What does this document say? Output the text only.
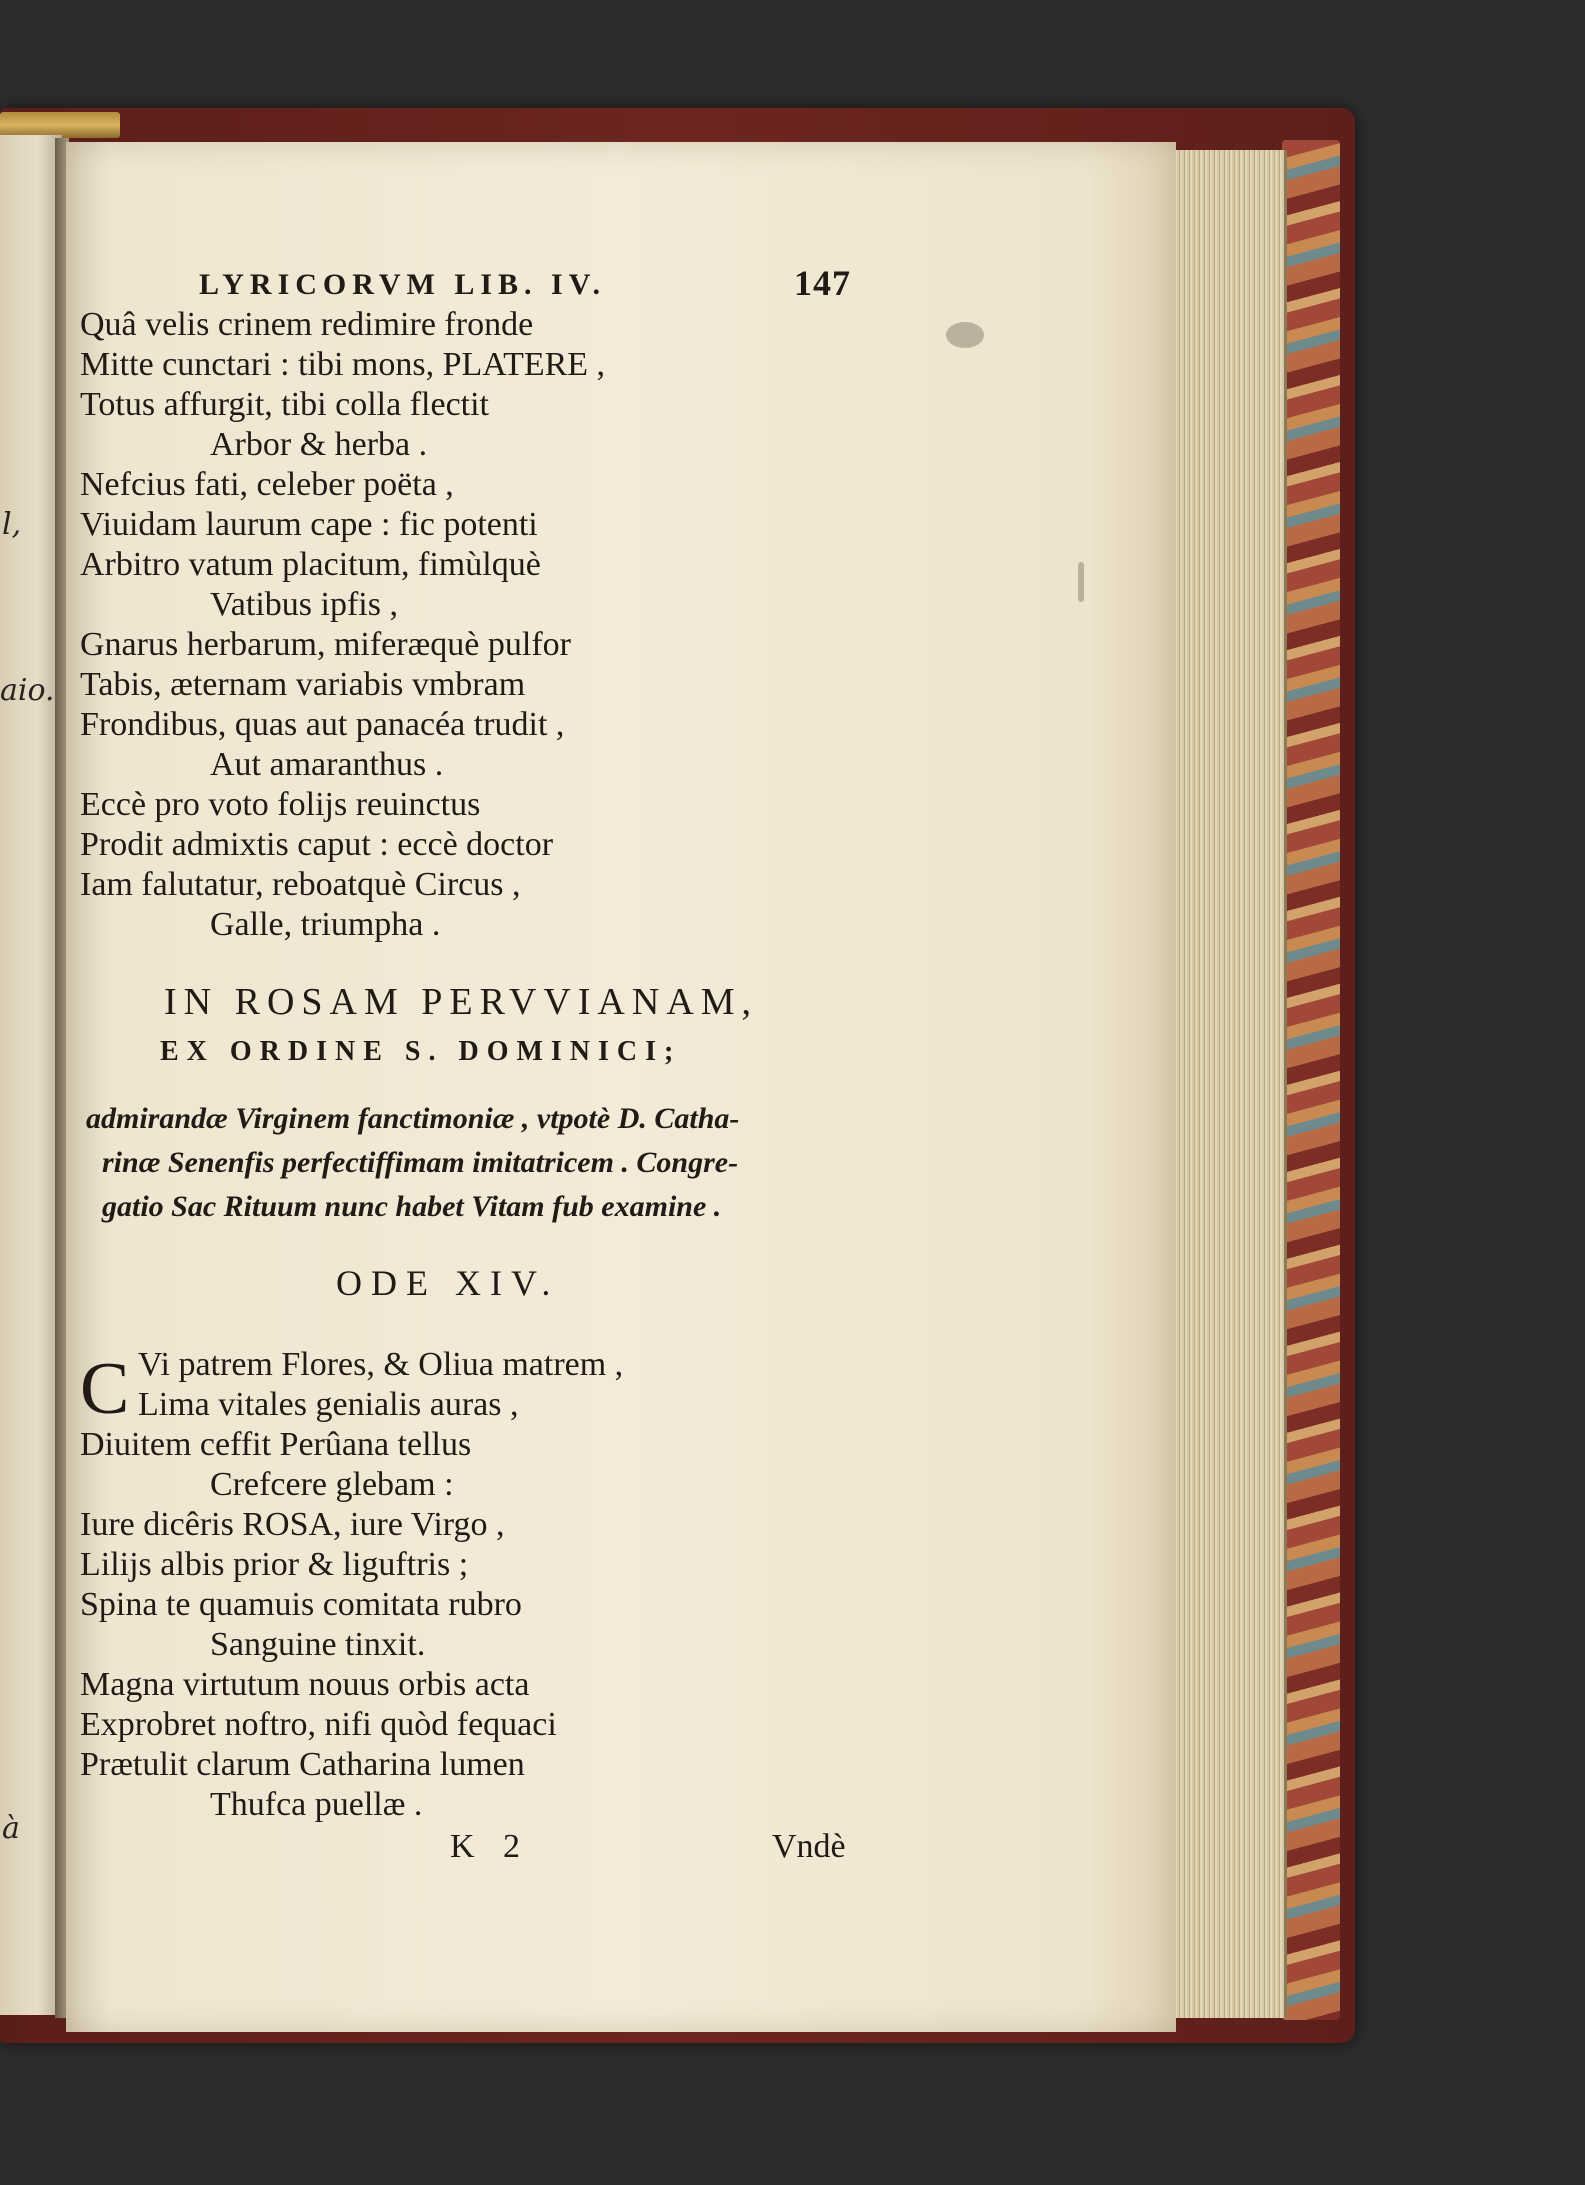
l,
aio.
à
LYRICORVM LIB. IV.	147
Quâ velis crinem redimire fronde
Mitte cunctari : tibi mons, PLATERE ,
Totus affurgit, tibi colla flectit
Arbor & herba .
Nefcius fati, celeber poëta ,
Viuidam laurum cape : fic potenti
Arbitro vatum placitum, fimùlquè
Vatibus ipfis ,
Gnarus herbarum, miferæquè pulfor
Tabis, æternam variabis vmbram
Frondibus, quas aut panacéa trudit ,
Aut amaranthus .
Eccè pro voto folijs reuinctus
Prodit admixtis caput : eccè doctor
Iam falutatur, reboatquè Circus ,
Galle, triumpha .
IN ROSAM PERVVIANAM,
EX ORDINE S. DOMINICI;
admirandæ Virginem fanctimoniæ , vtpotè D. Catha-
rinæ Senenfis perfectiffimam imitatricem . Congre-
gatio Sac Rituum nunc habet Vitam fub examine .
ODE XIV.
C Vi patrem Flores, & Oliua matrem ,
Lima vitales genialis auras ,
Diuitem ceffit Perûana tellus
Crefcere glebam :
Iure dicêris ROSA, iure Virgo ,
Lilijs albis prior & liguftris ;
Spina te quamuis comitata rubro
Sanguine tinxit.
Magna virtutum nouus orbis acta
Exprobret noftro, nifi quòd fequaci
Prætulit clarum Catharina lumen
Thufca puellæ .
K 2	Vndè
